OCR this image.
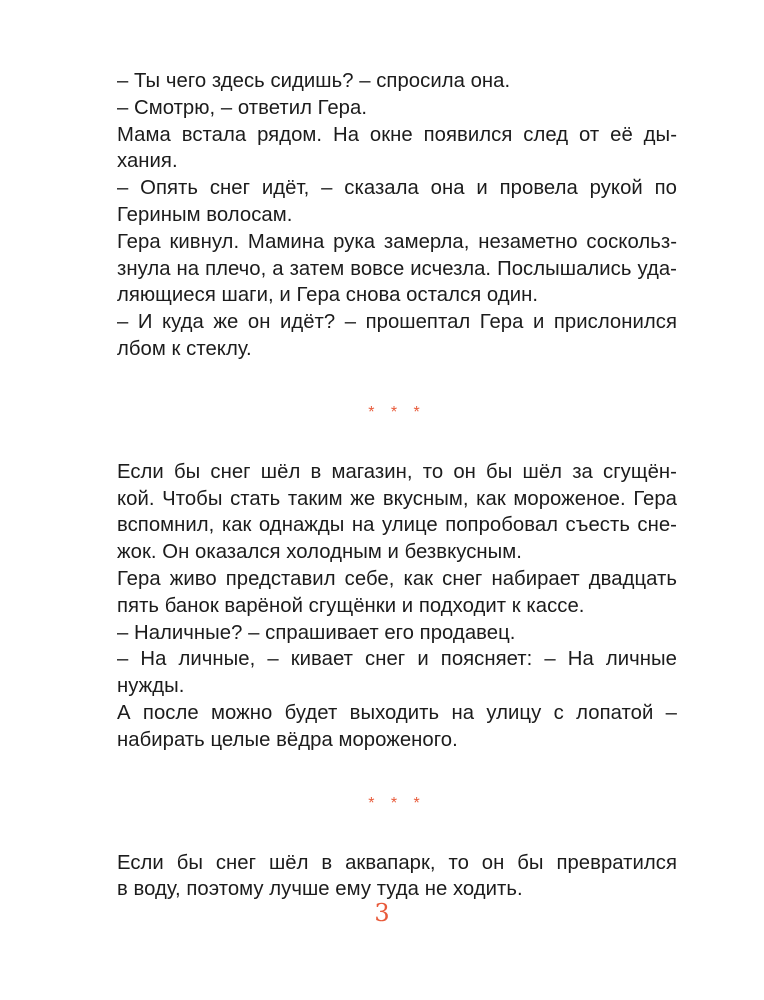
– Ты чего здесь сидишь? – спросила она.
– Смотрю, – ответил Гера.
Мама встала рядом. На окне появился след от её ды-
хания.
– Опять снег идёт, – сказала она и провела рукой по
Гериным волосам.
Гера кивнул. Мамина рука замерла, незаметно соскольз-
знула на плечо, а затем вовсе исчезла. Послышались уда-
ляющиеся шаги, и Гера снова остался один.
– И куда же он идёт? – прошептал Гера и прислонился
лбом к стеклу.
* * *
Если бы снег шёл в магазин, то он бы шёл за сгущён-
кой. Чтобы стать таким же вкусным, как мороженое. Гера
вспомнил, как однажды на улице попробовал съесть сне-
жок. Он оказался холодным и безвкусным.
Гера живо представил себе, как снег набирает двадцать
пять банок варёной сгущёнки и подходит к кассе.
– Наличные? – спрашивает его продавец.
– На личные, – кивает снег и поясняет: – На личные
нужды.
А после можно будет выходить на улицу с лопатой –
набирать целые вёдра мороженого.
* * *
Если бы снег шёл в аквапарк, то он бы превратился
в воду, поэтому лучше ему туда не ходить.
3
